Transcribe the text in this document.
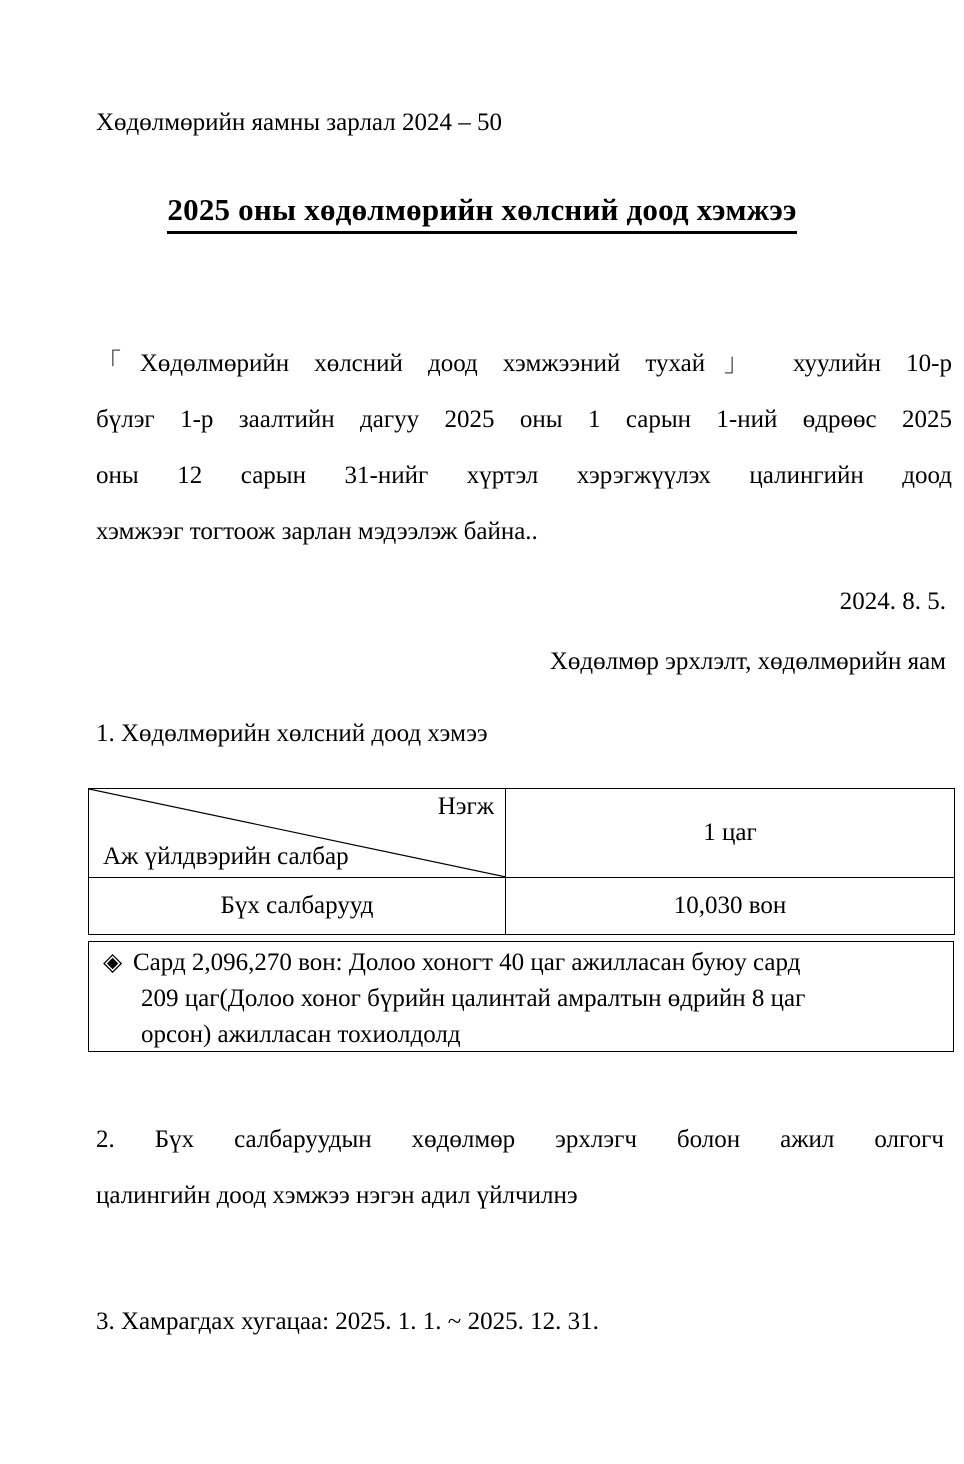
Хөдөлмөрийн яамны зарлал 2024 – 50
2025 оны хөдөлмөрийн хөлсний доод хэмжээ
「Хөдөлмөрийн хөлсний доод хэмжээний тухай」 хуулийн 10-р
бүлэг 1-р заалтийн дагуу 2025 оны 1 сарын 1-ний өдрөөс 2025
оны 12 сарын 31-нийг хүртэл хэрэгжүүлэх цалингийн доод
хэмжээг тогтоож зарлан мэдээлэж байна..
2024. 8. 5.
Хөдөлмөр эрхлэлт, хөдөлмөрийн яам
1. Хөдөлмөрийн хөлсний доод хэмээ
Нэгж
Аж үйлдвэрийн салбар	1 цаг
Бүх салбарууд	10,030 вон
◈ Сард 2,096,270 вон: Долоо хоногт 40 цаг ажилласан буюу сард
209 цаг(Долоо хоног бүрийн цалинтай амралтын өдрийн 8 цаг
орсон) ажилласан тохиолдолд
2. Бүх салбаруудын хөдөлмөр эрхлэгч болон ажил олгогч
цалингийн доод хэмжээ нэгэн адил үйлчилнэ
3. Хамрагдах хугацаа: 2025. 1. 1. ~ 2025. 12. 31.
